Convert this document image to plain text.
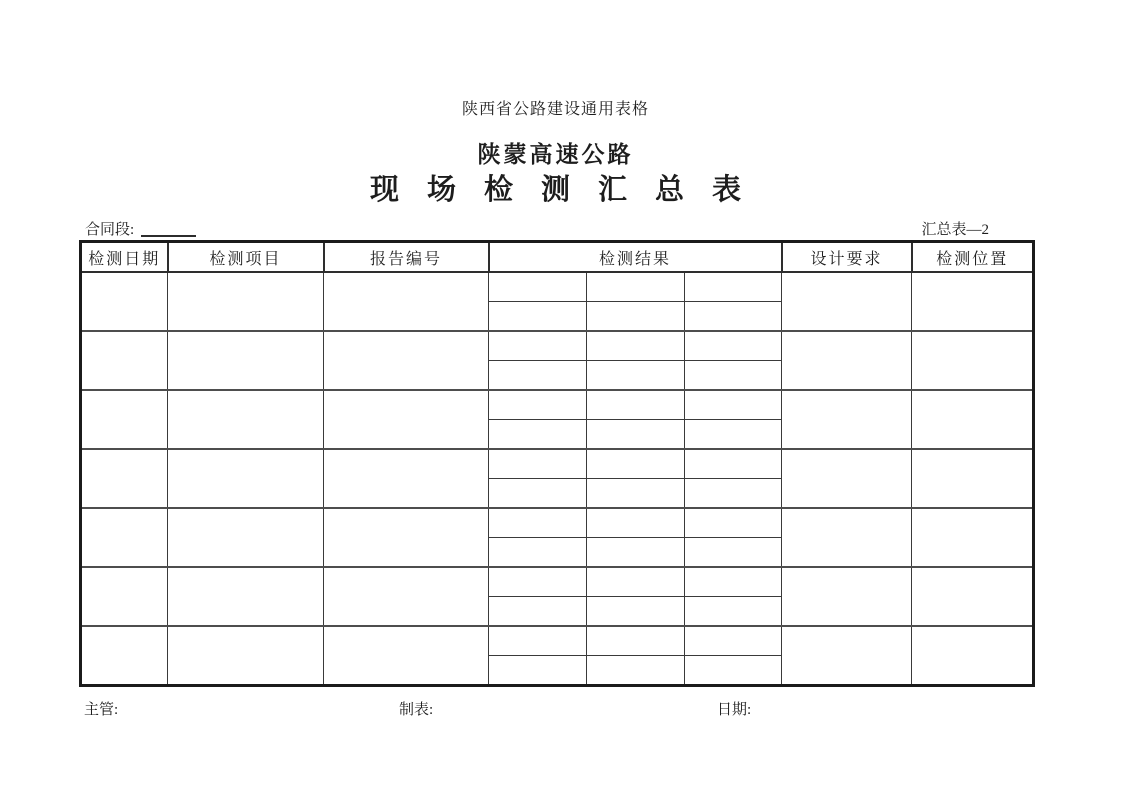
陕西省公路建设通用表格
陕蒙高速公路
现场检测汇总表
合同段:	汇总表—2
检测日期	检测项目	报告编号	检测结果			设计要求	检测位置

主管:	制表:	日期:
